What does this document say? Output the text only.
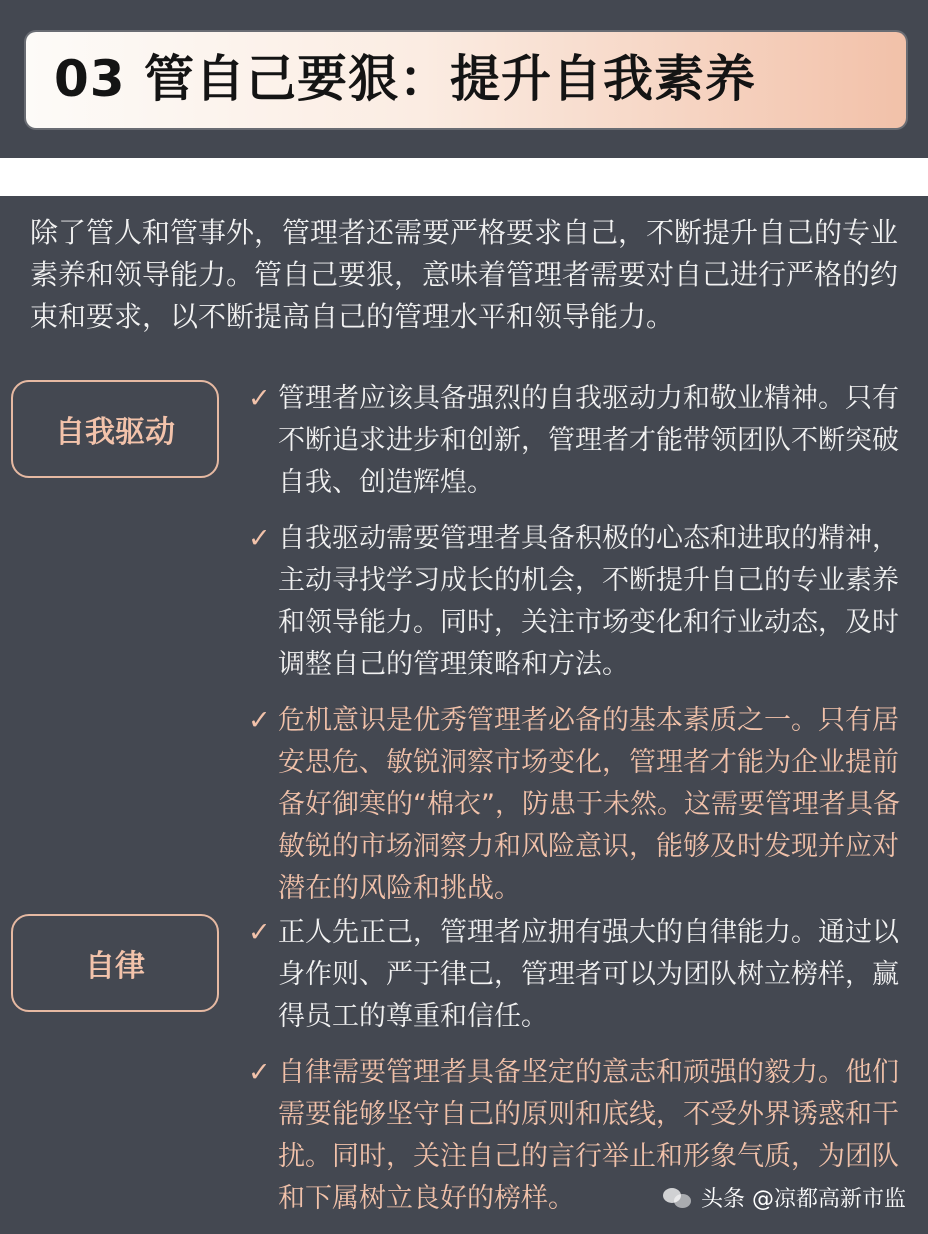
03 管自己要狠：提升自我素养
除了管人和管事外，管理者还需要严格要求自己，不断提升自己的专业素养和领导能力。管自己要狠，意味着管理者需要对自己进行严格的约束和要求，以不断提高自己的管理水平和领导能力。
自我驱动
✓ 管理者应该具备强烈的自我驱动力和敬业精神。只有不断追求进步和创新，管理者才能带领团队不断突破自我、创造辉煌。
✓ 自我驱动需要管理者具备积极的心态和进取的精神，主动寻找学习成长的机会，不断提升自己的专业素养和领导能力。同时，关注市场变化和行业动态，及时调整自己的管理策略和方法。
✓ 危机意识是优秀管理者必备的基本素质之一。只有居安思危、敏锐洞察市场变化，管理者才能为企业提前备好御寒的“棉衣”，防患于未然。这需要管理者具备敏锐的市场洞察力和风险意识，能够及时发现并应对潜在的风险和挑战。
自律
✓ 正人先正己，管理者应拥有强大的自律能力。通过以身作则、严于律己，管理者可以为团队树立榜样，赢得员工的尊重和信任。
✓ 自律需要管理者具备坚定的意志和顽强的毅力。他们需要能够坚守自己的原则和底线，不受外界诱惑和干扰。同时，关注自己的言行举止和形象气质，为团队和下属树立良好的榜样。	头条 @凉都高新市监
